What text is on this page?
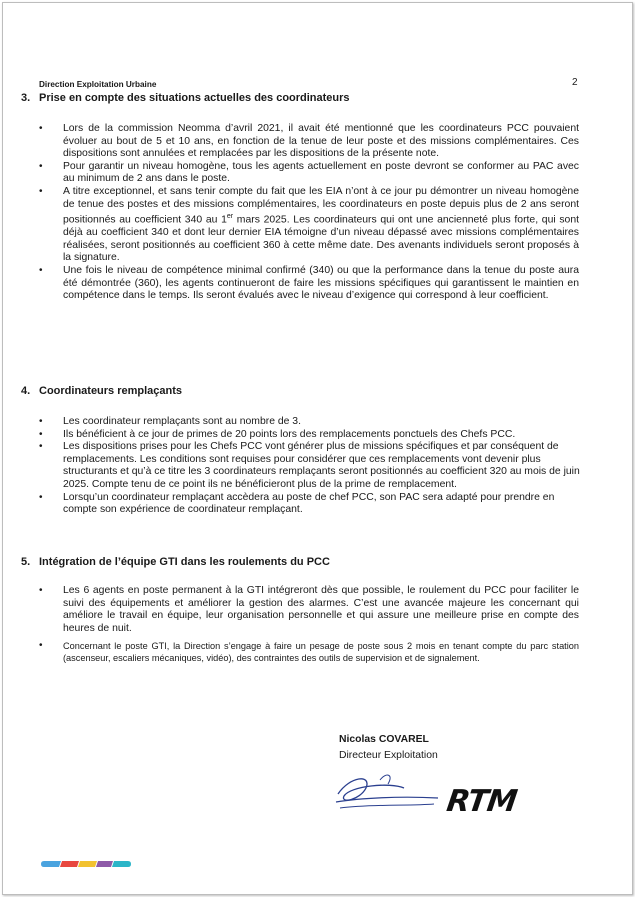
Direction Exploitation Urbaine	2
3. Prise en compte des situations actuelles des coordinateurs
• Lors de la commission Neomma d’avril 2021, il avait été mentionné que les coordinateurs PCC pouvaient évoluer au bout de 5 et 10 ans, en fonction de la tenue de leur poste et des missions complémentaires. Ces dispositions sont annulées et remplacées par les dispositions de la présente note.
• Pour garantir un niveau homogène, tous les agents actuellement en poste devront se conformer au PAC avec au minimum de 2 ans dans le poste.
• A titre exceptionnel, et sans tenir compte du fait que les EIA n’ont à ce jour pu démontrer un niveau homogène de tenue des postes et des missions complémentaires, les coordinateurs en poste depuis plus de 2 ans seront positionnés au coefficient 340 au 1er mars 2025. Les coordinateurs qui ont une ancienneté plus forte, qui sont déjà au coefficient 340 et dont leur dernier EIA témoigne d’un niveau dépassé avec missions complémentaires réalisées, seront positionnés au coefficient 360 à cette même date. Des avenants individuels seront proposés à la signature.
• Une fois le niveau de compétence minimal confirmé (340) ou que la performance dans la tenue du poste aura été démontrée (360), les agents continueront de faire les missions spécifiques qui garantissent le maintien en compétence dans le temps. Ils seront évalués avec le niveau d’exigence qui correspond à leur coefficient.
4. Coordinateurs remplaçants
• Les coordinateur remplaçants sont au nombre de 3.
• Ils bénéficient à ce jour de primes de 20 points lors des remplacements ponctuels des Chefs PCC.
• Les dispositions prises pour les Chefs PCC vont générer plus de missions spécifiques et par conséquent de remplacements. Les conditions sont requises pour considérer que ces remplacements vont devenir plus structurants et qu’à ce titre les 3 coordinateurs remplaçants seront positionnés au coefficient 320 au mois de juin 2025. Compte tenu de ce point ils ne bénéficieront plus de la prime de remplacement.
• Lorsqu’un coordinateur remplaçant accèdera au poste de chef PCC, son PAC sera adapté pour prendre en compte son expérience de coordinateur remplaçant.
5. Intégration de l’équipe GTI dans les roulements du PCC
• Les 6 agents en poste permanent à la GTI intégreront dès que possible, le roulement du PCC pour faciliter le suivi des équipements et améliorer la gestion des alarmes. C’est une avancée majeure les concernant qui améliore le travail en équipe, leur organisation personnelle et qui assure une meilleure prise en compte des heures de nuit.
• Concernant le poste GTI, la Direction s’engage à faire un pesage de poste sous 2 mois en tenant compte du parc station (ascenseur, escaliers mécaniques, vidéo), des contraintes des outils de supervision et de signalement.
Nicolas COVAREL
Directeur Exploitation
RTM
